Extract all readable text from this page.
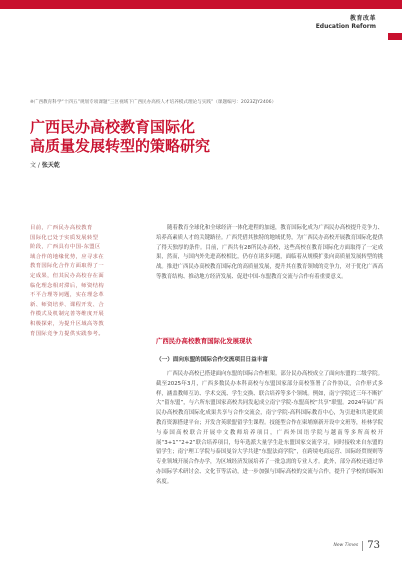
教育改革
Education Reform
※广西教育科学“十四五”规划专项课题“三区视域下广西民办高校人才培养模式理论与实践”（课题编号：2023ZJY2406）
广西民办高校教育国际化
高质量发展转型的策略研究
文 / 张天乾
目前，广西民办高校教育
国际化已处于实质发展转型
阶段，广西具有中国-东盟区
域合作的地缘优势，应寻求在
教育国际化合作方面取得了一
定成果，但其民办高校存在面
临化理念相对滞后，师资结构
不平合理等问题，实在理念革
新、师资培养、课程开发、合
作模式及机制完善等维度开展
积极探索，为提升区域高等教
育国际竞争力提供实践参考。

随着教育全球化和全球经济一体化进程的加速，教育国际化成为广西民办高校提升竞争力、培养高素质人才的关键路径。广西凭借其独特的地域优势，为广西民办高校开展教育国际化提供了得天独厚的条件。目前，广西共有28所民办高校，这些高校在教育国际化方面取得了一定成果，然而，与国内外先进高校相比，仍存在诸多问题，面临着从规模扩张向高质量发展转型的挑战。推进广西民办高校教育国际化的高质量发展，提升其在教育领域的竞争力，对于优化广西高等教育结构、推动地方经济发展、促进中国-东盟教育交流与合作有着重要意义。

广西民办高校教育国际化发展现状
（一）面向东盟的国际合作交流项目日益丰富

广西民办高校已搭建面向东盟的国际合作框架。部分民办高校成立了面向东盟的二级学院。截至2025年3月，广西多数民办本科高校与东盟国家部分高校签署了合作协议，合作形式多样，涵盖教师互访、学术交流、学生交换、联合培养等多个领域。例如，南宁学院近三年不断扩大“留东盟”，与六所东盟国家高校共同发起成立南宁学院-东盟高校“共享”联盟。2024年届广西民办高校教育国际化成果共享与合作交流会，南宁学院-高科国际教育中心，为引进和共建优质教育资源搭建平台；开发含英联盟留学生课程。技能型合作在柬埔寨新开设中文班等，桂林学院与泰国高校联合开展中文教师培养项目，广西外国语学院与越南等多所高校开展“3+1”“2+2”联合培养项目，每年选派大量学生赴东盟国家交流学习，同时接收来自东盟的留学生；南宁理工学院与泰国曼谷大学共建“东盟法商学院”，在跨境电商运营、国际经贸规则等专业领域开展合作办学，为区域经济发展培养了一批急需的专业人才。此外，部分高校还通过举办国际学术研讨会、文化节等活动，进一步加强与国际高校的交流与合作，提升了学校的国际知名度。

New Times 73
